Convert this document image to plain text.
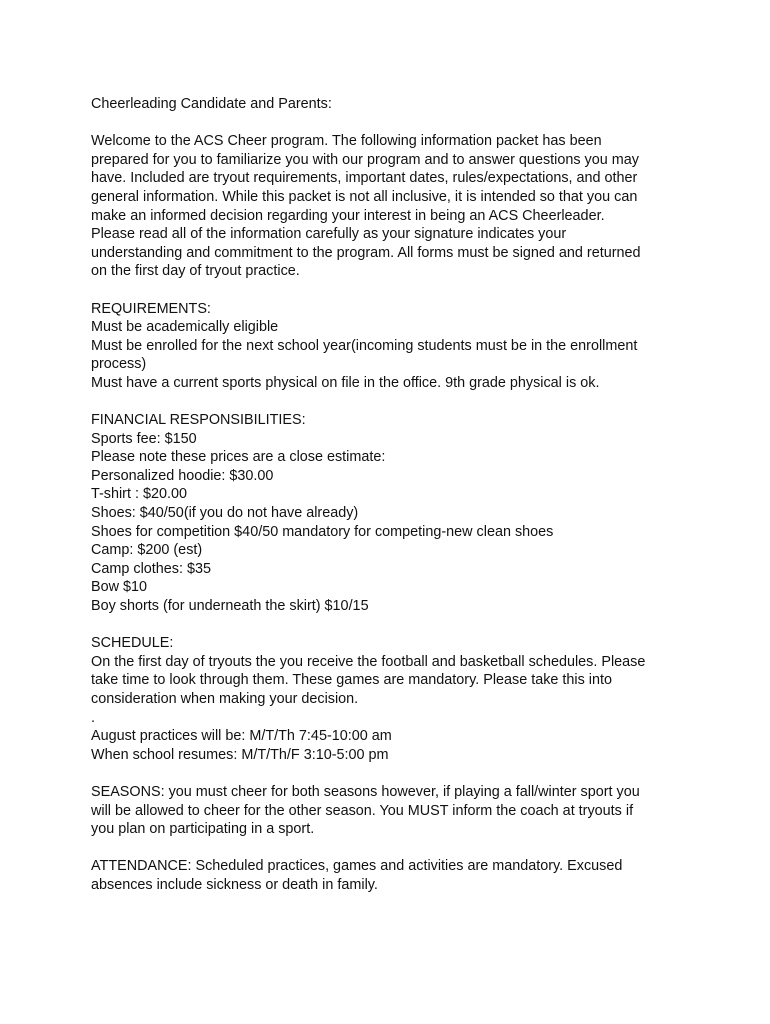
Cheerleading Candidate and Parents:
Welcome to the ACS Cheer program. The following information packet has been
prepared for you to familiarize you with our program and to answer questions you may
have. Included are tryout requirements, important dates, rules/expectations, and other
general information. While this packet is not all inclusive, it is intended so that you can
make an informed decision regarding your interest in being an ACS Cheerleader.
Please read all of the information carefully as your signature indicates your
understanding and commitment to the program. All forms must be signed and returned
on the first day of tryout practice.
REQUIREMENTS:
Must be academically eligible
Must be enrolled for the next school year(incoming students must be in the enrollment
process)
Must have a current sports physical on file in the office. 9th grade physical is ok.
FINANCIAL RESPONSIBILITIES:
Sports fee: $150
Please note these prices are a close estimate:
Personalized hoodie: $30.00
T-shirt : $20.00
Shoes: $40/50(if you do not have already)
Shoes for competition $40/50 mandatory for competing-new clean shoes
Camp: $200 (est)
Camp clothes: $35
Bow $10
Boy shorts (for underneath the skirt) $10/15
SCHEDULE:
On the first day of tryouts the you receive the football and basketball schedules. Please
take time to look through them. These games are mandatory. Please take this into
consideration when making your decision.
.
August practices will be: M/T/Th 7:45-10:00 am
When school resumes: M/T/Th/F 3:10-5:00 pm
SEASONS: you must cheer for both seasons however, if playing a fall/winter sport you
will be allowed to cheer for the other season. You MUST inform the coach at tryouts if
you plan on participating in a sport.
ATTENDANCE: Scheduled practices, games and activities are mandatory. Excused
absences include sickness or death in family.
